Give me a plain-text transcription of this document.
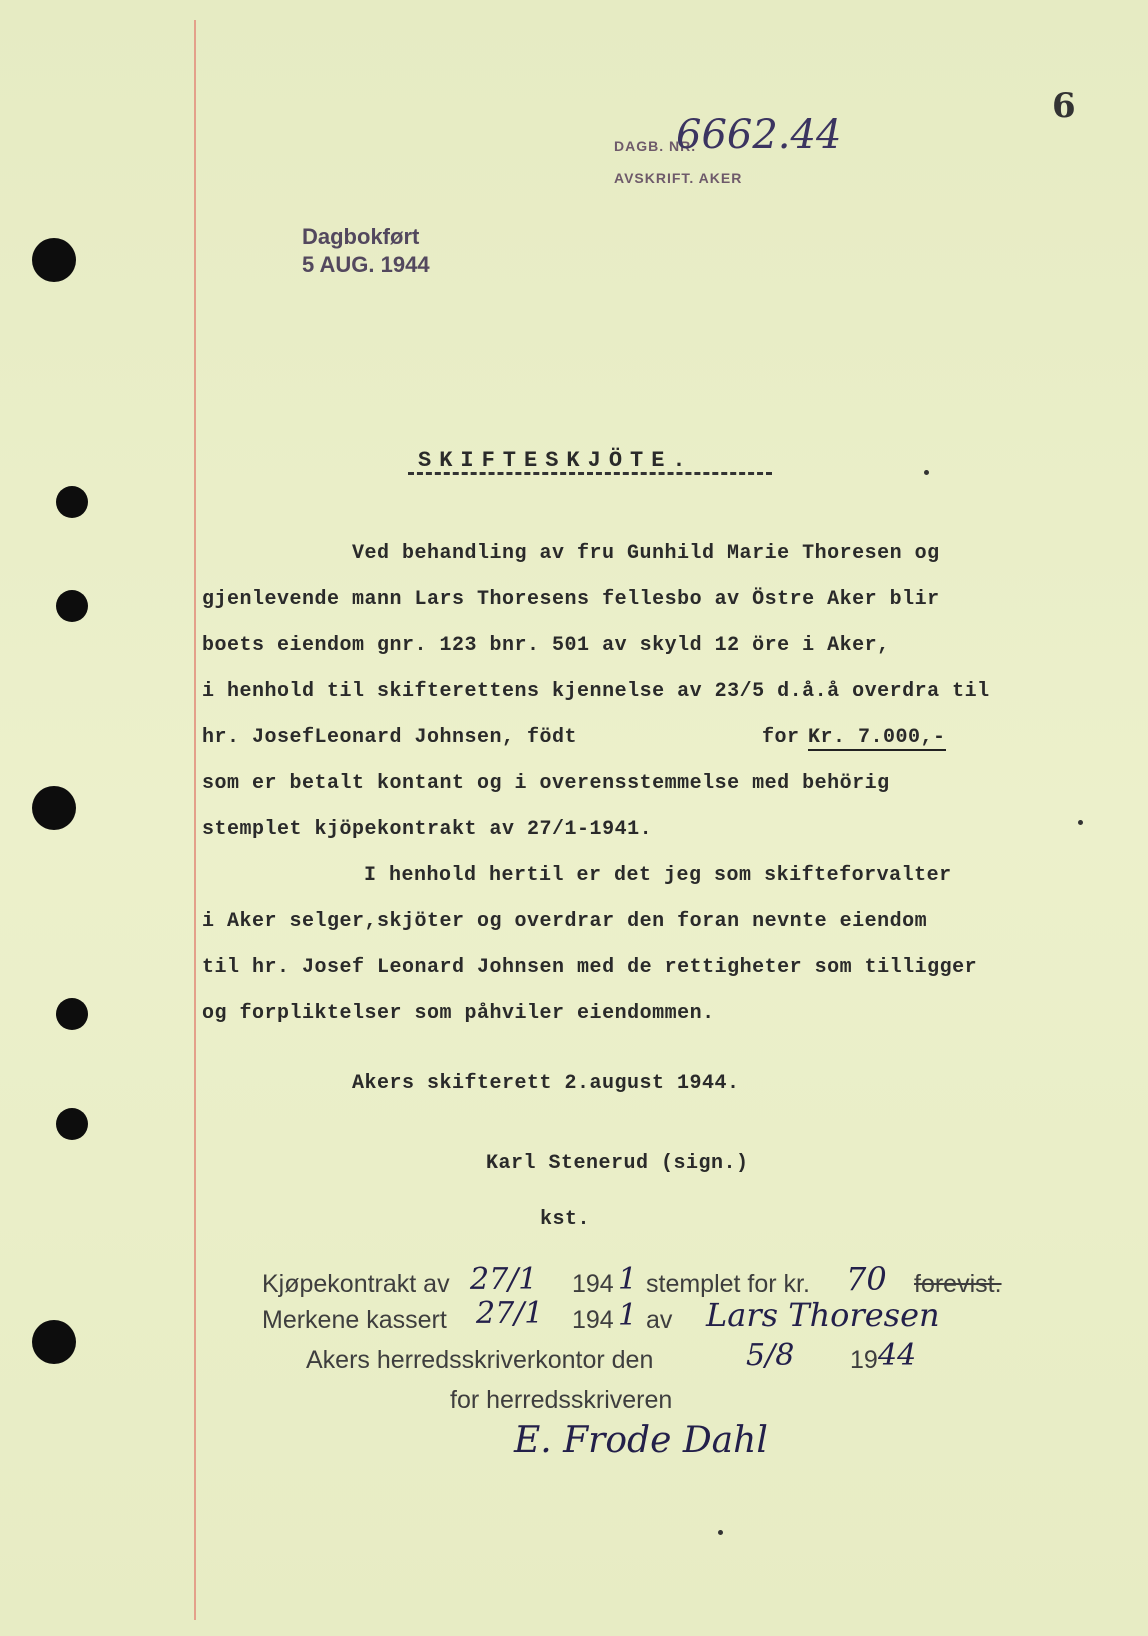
6
DAGB. NR.
6662.44
AVSKRIFT. AKER
Dagbokført
5 AUG. 1944
SKIFTESKJÖTE.
Ved behandling av fru Gunhild Marie Thoresen og
gjenlevende mann Lars Thoresens fellesbo av Östre Aker blir
boets eiendom gnr. 123 bnr. 501 av skyld 12 öre i Aker,
i henhold til skifterettens kjennelse av 23/5 d.å.å overdra til
hr. JosefLeonard Johnsen, födt	for Kr. 7.000,-
som er betalt kontant og i overensstemmelse med behörig
stemplet kjöpekontrakt av 27/1-1941.
I henhold hertil er det jeg som skifteforvalter
i Aker selger,skjöter og overdrar den foran nevnte eiendom
til hr. Josef Leonard Johnsen med de rettigheter som tilligger
og forpliktelser som påhviler eiendommen.
Akers skifterett 2.august 1944.
Karl Stenerud (sign.)
kst.
Kjøpekontrakt av 27/1 194 1 stemplet for kr. 70 forevist.
Merkene kassert 27/1 194 1 av Lars Thoresen
Akers herredsskriverkontor den	5/8 19 44
for herredsskriveren
E. Frode Dahl
